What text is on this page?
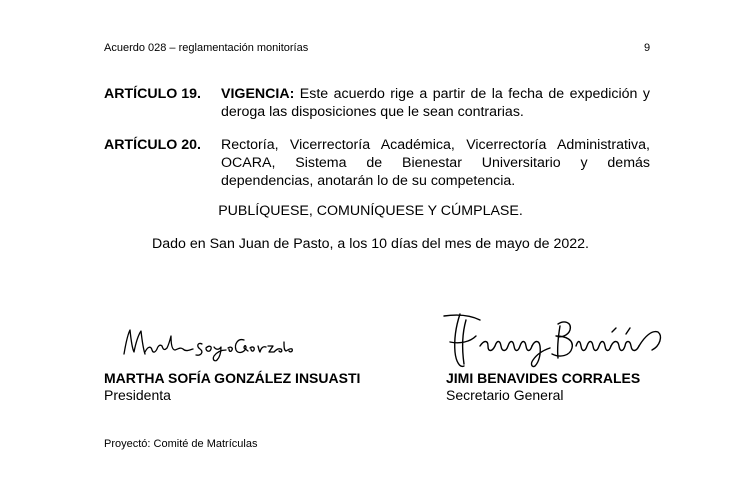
Acuerdo 028 – reglamentación monitorías	9
ARTÍCULO 19. VIGENCIA: Este acuerdo rige a partir de la fecha de expedición y deroga las disposiciones que le sean contrarias.
ARTÍCULO 20. Rectoría, Vicerrectoría Académica, Vicerrectoría Administrativa, OCARA, Sistema de Bienestar Universitario y demás dependencias, anotarán lo de su competencia.
PUBLÍQUESE, COMUNÍQUESE Y CÚMPLASE.
Dado en San Juan de Pasto, a los 10 días del mes de mayo de 2022.
MARTHA SOFÍA GONZÁLEZ INSUASTI
Presidenta
JIMI BENAVIDES CORRALES
Secretario General
Proyectó: Comité de Matrículas
